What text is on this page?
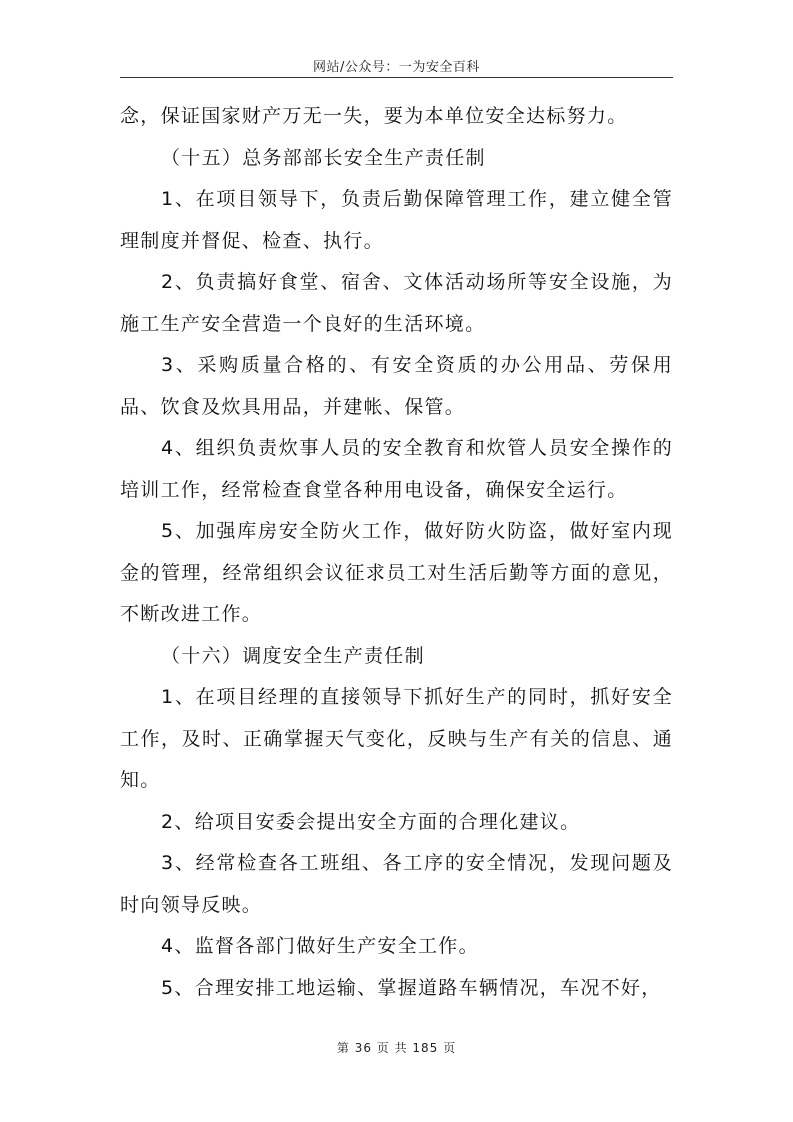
网站/公众号：一为安全百科

念，保证国家财产万无一失，要为本单位安全达标努力。

（十五）总务部部长安全生产责任制

1、在项目领导下，负责后勤保障管理工作，建立健全管理制度并督促、检查、执行。

2、负责搞好食堂、宿舍、文体活动场所等安全设施，为施工生产安全营造一个良好的生活环境。

3、采购质量合格的、有安全资质的办公用品、劳保用品、饮食及炊具用品，并建帐、保管。

4、组织负责炊事人员的安全教育和炊管人员安全操作的培训工作，经常检查食堂各种用电设备，确保安全运行。

5、加强库房安全防火工作，做好防火防盗，做好室内现金的管理，经常组织会议征求员工对生活后勤等方面的意见，不断改进工作。

（十六）调度安全生产责任制

1、在项目经理的直接领导下抓好生产的同时，抓好安全工作，及时、正确掌握天气变化，反映与生产有关的信息、通知。

2、给项目安委会提出安全方面的合理化建议。

3、经常检查各工班组、各工序的安全情况，发现问题及时向领导反映。

4、监督各部门做好生产安全工作。

5、合理安排工地运输、掌握道路车辆情况，车况不好，

第 36 页 共 185 页
